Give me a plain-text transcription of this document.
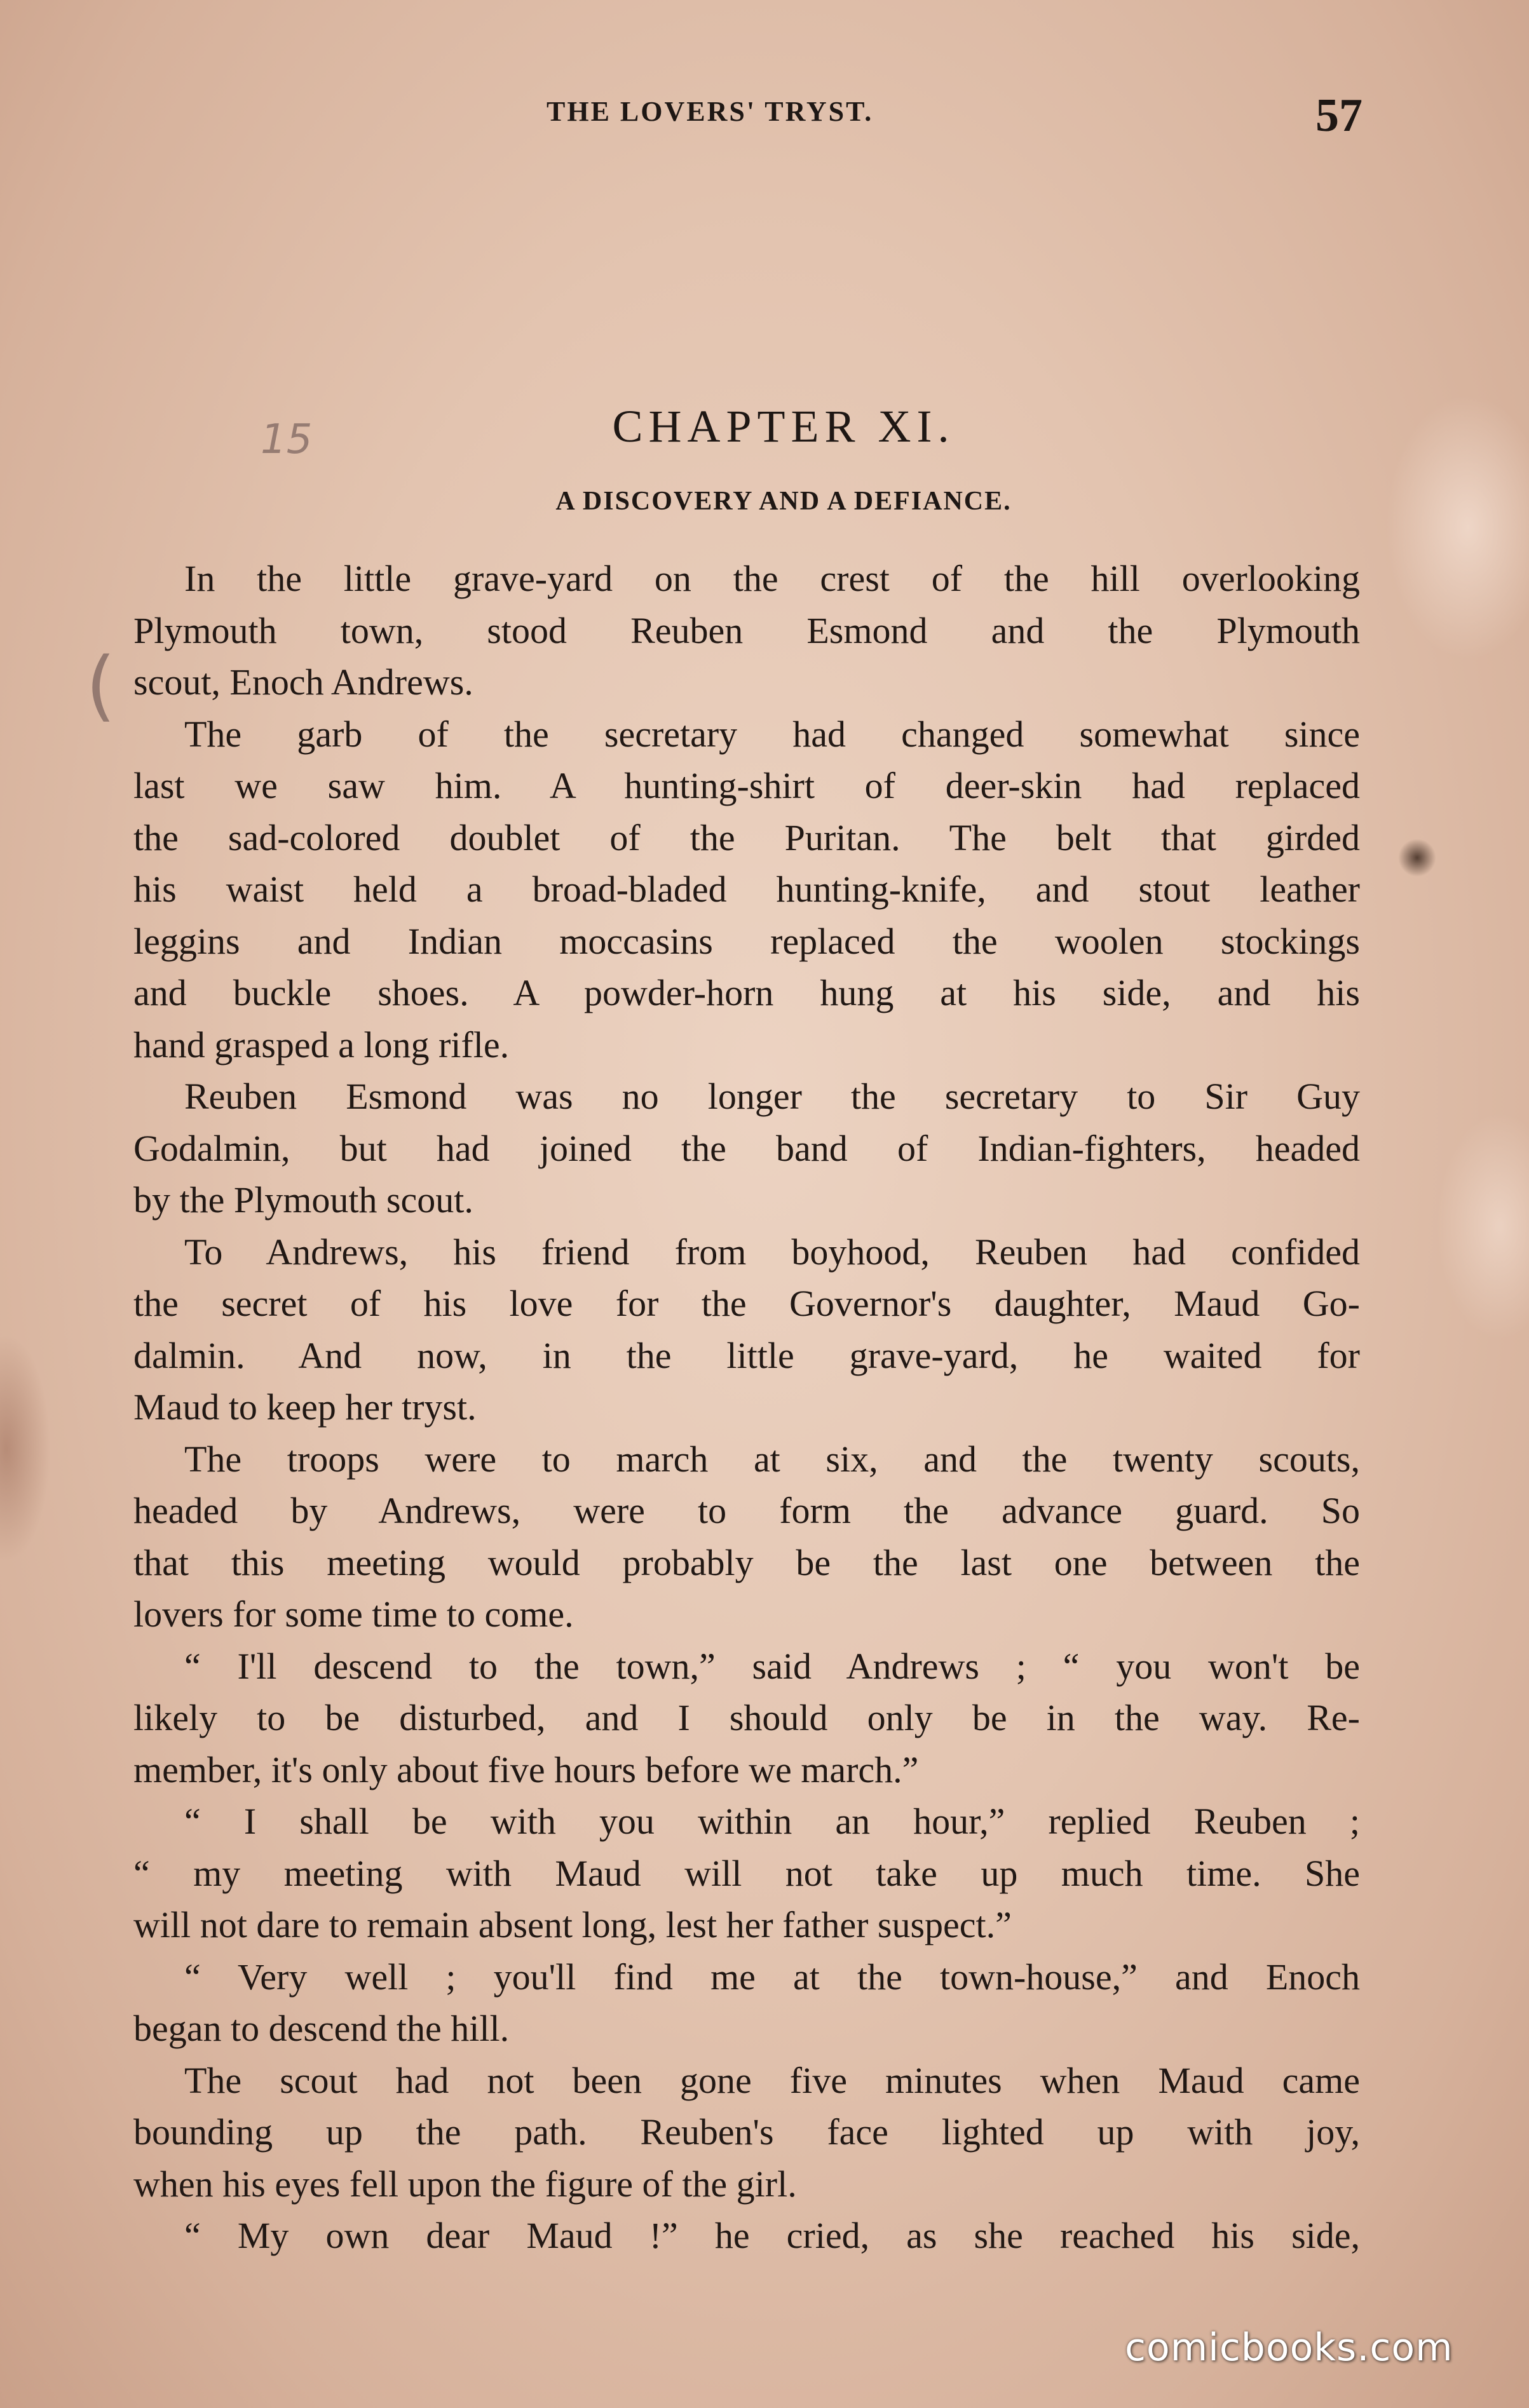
THE LOVERS' TRYST.	57
15
(
CHAPTER XI.
A DISCOVERY AND A DEFIANCE.
In the little grave-yard on the crest of the hill overlooking
Plymouth town, stood Reuben Esmond and the Plymouth
scout, Enoch Andrews.
The garb of the secretary had changed somewhat since
last we saw him. A hunting-shirt of deer-skin had replaced
the sad-colored doublet of the Puritan. The belt that girded
his waist held a broad-bladed hunting-knife, and stout leather
leggins and Indian moccasins replaced the woolen stockings
and buckle shoes. A powder-horn hung at his side, and his
hand grasped a long rifle.
Reuben Esmond was no longer the secretary to Sir Guy
Godalmin, but had joined the band of Indian-fighters, headed
by the Plymouth scout.
To Andrews, his friend from boyhood, Reuben had confided
the secret of his love for the Governor's daughter, Maud Go-
dalmin. And now, in the little grave-yard, he waited for
Maud to keep her tryst.
The troops were to march at six, and the twenty scouts,
headed by Andrews, were to form the advance guard. So
that this meeting would probably be the last one between the
lovers for some time to come.
“ I'll descend to the town,” said Andrews ; “ you won't be
likely to be disturbed, and I should only be in the way. Re-
member, it's only about five hours before we march.”
“ I shall be with you within an hour,” replied Reuben ;
“ my meeting with Maud will not take up much time. She
will not dare to remain absent long, lest her father suspect.”
“ Very well ; you'll find me at the town-house,” and Enoch
began to descend the hill.
The scout had not been gone five minutes when Maud came
bounding up the path. Reuben's face lighted up with joy,
when his eyes fell upon the figure of the girl.
“ My own dear Maud !” he cried, as she reached his side,
comicbooks.com
